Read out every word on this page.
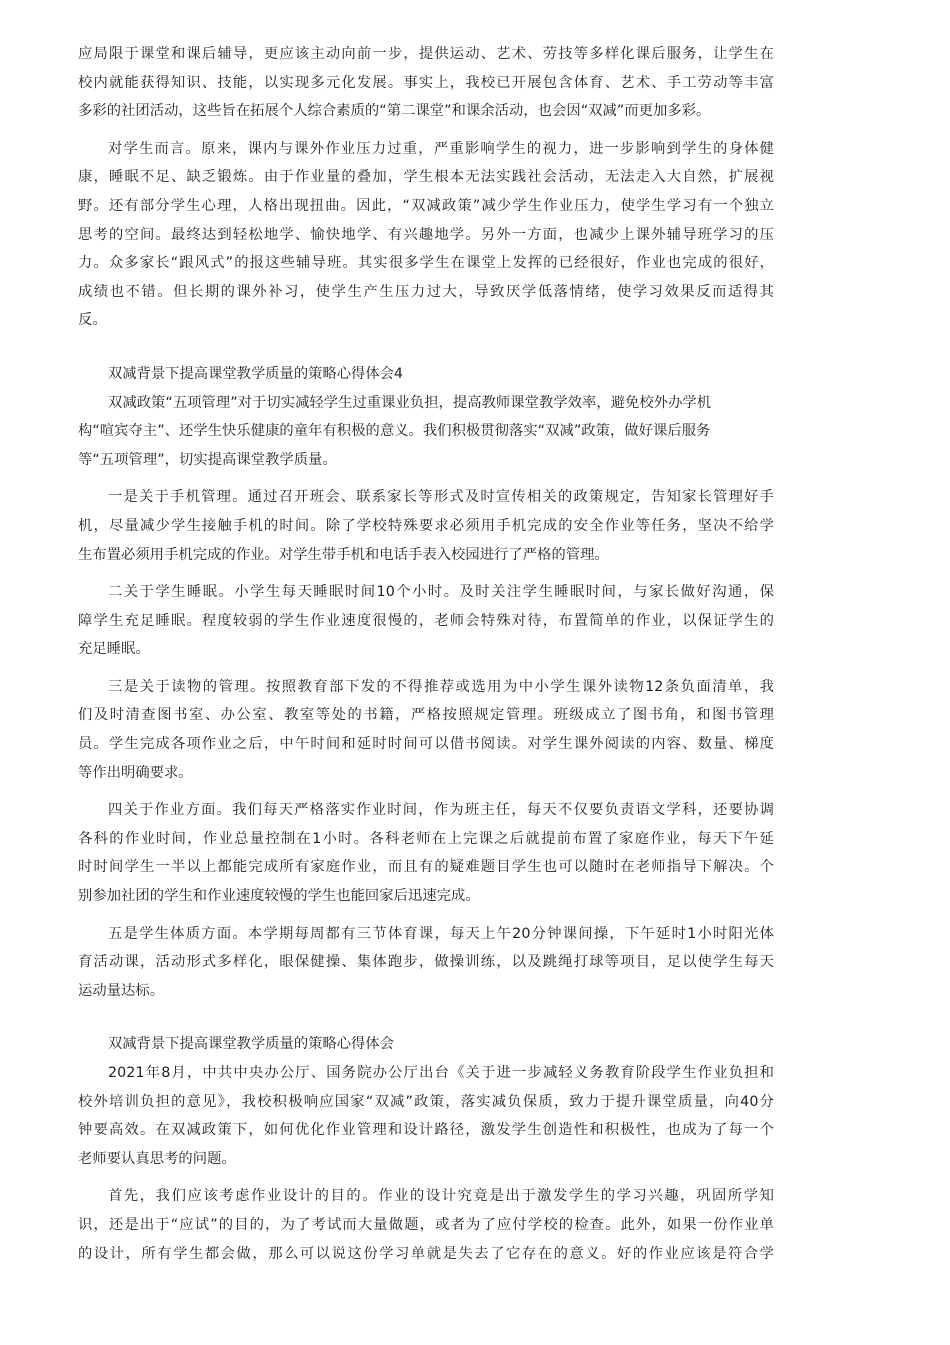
应局限于课堂和课后辅导，更应该主动向前一步，提供运动、艺术、劳技等多样化课后服务，让学生在
校内就能获得知识、技能，以实现多元化发展。事实上，我校已开展包含体育、艺术、手工劳动等丰富
多彩的社团活动，这些旨在拓展个人综合素质的“第二课堂”和课余活动，也会因“双减”而更加多彩。
对学生而言。原来，课内与课外作业压力过重，严重影响学生的视力，进一步影响到学生的身体健
康，睡眠不足、缺乏锻炼。由于作业量的叠加，学生根本无法实践社会活动，无法走入大自然，扩展视
野。还有部分学生心理，人格出现扭曲。因此，“双减政策”减少学生作业压力，使学生学习有一个独立
思考的空间。最终达到轻松地学、愉快地学、有兴趣地学。另外一方面，也减少上课外辅导班学习的压
力。众多家长“跟风式”的报这些辅导班。其实很多学生在课堂上发挥的已经很好，作业也完成的很好，
成绩也不错。但长期的课外补习，使学生产生压力过大，导致厌学低落情绪，使学习效果反而适得其
反。
双减背景下提高课堂教学质量的策略心得体会4
双减政策“五项管理”对于切实减轻学生过重课业负担，提高教师课堂教学效率，避免校外办学机
构“喧宾夺主”、还学生快乐健康的童年有积极的意义。我们积极贯彻落实“双减”政策，做好课后服务
等“五项管理”，切实提高课堂教学质量。
一是关于手机管理。通过召开班会、联系家长等形式及时宣传相关的政策规定，告知家长管理好手
机，尽量减少学生接触手机的时间。除了学校特殊要求必须用手机完成的安全作业等任务，坚决不给学
生布置必须用手机完成的作业。对学生带手机和电话手表入校园进行了严格的管理。
二关于学生睡眠。小学生每天睡眠时间10个小时。及时关注学生睡眠时间，与家长做好沟通，保
障学生充足睡眠。程度较弱的学生作业速度很慢的，老师会特殊对待，布置简单的作业，以保证学生的
充足睡眠。
三是关于读物的管理。按照教育部下发的不得推荐或选用为中小学生课外读物12条负面清单，我
们及时清查图书室、办公室、教室等处的书籍，严格按照规定管理。班级成立了图书角，和图书管理
员。学生完成各项作业之后，中午时间和延时时间可以借书阅读。对学生课外阅读的内容、数量、梯度
等作出明确要求。
四关于作业方面。我们每天严格落实作业时间，作为班主任，每天不仅要负责语文学科，还要协调
各科的作业时间，作业总量控制在1小时。各科老师在上完课之后就提前布置了家庭作业，每天下午延
时时间学生一半以上都能完成所有家庭作业，而且有的疑难题目学生也可以随时在老师指导下解决。个
别参加社团的学生和作业速度较慢的学生也能回家后迅速完成。
五是学生体质方面。本学期每周都有三节体育课，每天上午20分钟课间操，下午延时1小时阳光体
育活动课，活动形式多样化，眼保健操、集体跑步，做操训练，以及跳绳打球等项目，足以使学生每天
运动量达标。
双减背景下提高课堂教学质量的策略心得体会
2021年8月，中共中央办公厅、国务院办公厅出台《关于进一步减轻义务教育阶段学生作业负担和
校外培训负担的意见》，我校积极响应国家“双减”政策，落实减负保质，致力于提升课堂质量，向40分
钟要高效。在双减政策下，如何优化作业管理和设计路径，激发学生创造性和积极性，也成为了每一个
老师要认真思考的问题。
首先，我们应该考虑作业设计的目的。作业的设计究竟是出于激发学生的学习兴趣，巩固所学知
识，还是出于“应试”的目的，为了考试而大量做题，或者为了应付学校的检查。此外，如果一份作业单
的设计，所有学生都会做，那么可以说这份学习单就是失去了它存在的意义。好的作业应该是符合学
